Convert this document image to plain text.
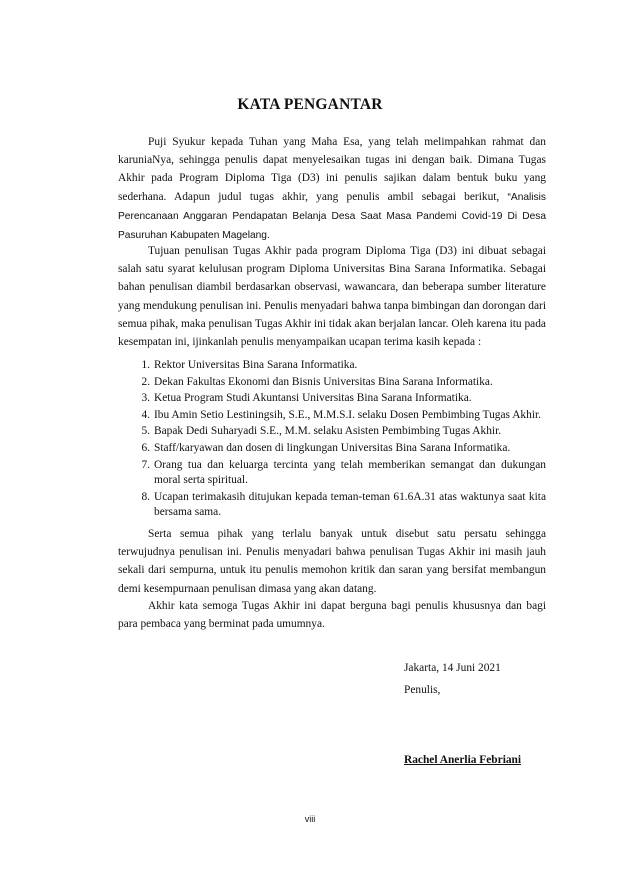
KATA PENGANTAR

Puji Syukur kepada Tuhan yang Maha Esa, yang telah melimpahkan rahmat dan karuniaNya, sehingga penulis dapat menyelesaikan tugas ini dengan baik. Dimana Tugas Akhir pada Program Diploma Tiga (D3) ini penulis sajikan dalam bentuk buku yang sederhana. Adapun judul tugas akhir, yang penulis ambil sebagai berikut, “Analisis Perencanaan Anggaran Pendapatan Belanja Desa Saat Masa Pandemi Covid-19 Di Desa Pasuruhan Kabupaten Magelang.

Tujuan penulisan Tugas Akhir pada program Diploma Tiga (D3) ini dibuat sebagai salah satu syarat kelulusan program Diploma Universitas Bina Sarana Informatika. Sebagai bahan penulisan diambil berdasarkan observasi, wawancara, dan beberapa sumber literature yang mendukung penulisan ini. Penulis menyadari bahwa tanpa bimbingan dan dorongan dari semua pihak, maka penulisan Tugas Akhir ini tidak akan berjalan lancar. Oleh karena itu pada kesempatan ini, ijinkanlah penulis menyampaikan ucapan terima kasih kepada :

1. Rektor Universitas Bina Sarana Informatika.
2. Dekan Fakultas Ekonomi dan Bisnis Universitas Bina Sarana Informatika.
3. Ketua Program Studi Akuntansi Universitas Bina Sarana Informatika.
4. Ibu Amin Setio Lestiningsih, S.E., M.M.S.I. selaku Dosen Pembimbing Tugas Akhir.
5. Bapak Dedi Suharyadi S.E., M.M. selaku Asisten Pembimbing Tugas Akhir.
6. Staff/karyawan dan dosen di lingkungan Universitas Bina Sarana Informatika.
7. Orang tua dan keluarga tercinta yang telah memberikan semangat dan dukungan moral serta spiritual.
8. Ucapan terimakasih ditujukan kepada teman-teman 61.6A.31 atas waktunya saat kita bersama sama.

Serta semua pihak yang terlalu banyak untuk disebut satu persatu sehingga terwujudnya penulisan ini. Penulis menyadari bahwa penulisan Tugas Akhir ini masih jauh sekali dari sempurna, untuk itu penulis memohon kritik dan saran yang bersifat membangun demi kesempurnaan penulisan dimasa yang akan datang.

Akhir kata semoga Tugas Akhir ini dapat berguna bagi penulis khususnya dan bagi para pembaca yang berminat pada umumnya.

Jakarta, 14 Juni 2021
Penulis,
Rachel Anerlia Febriani
viii
